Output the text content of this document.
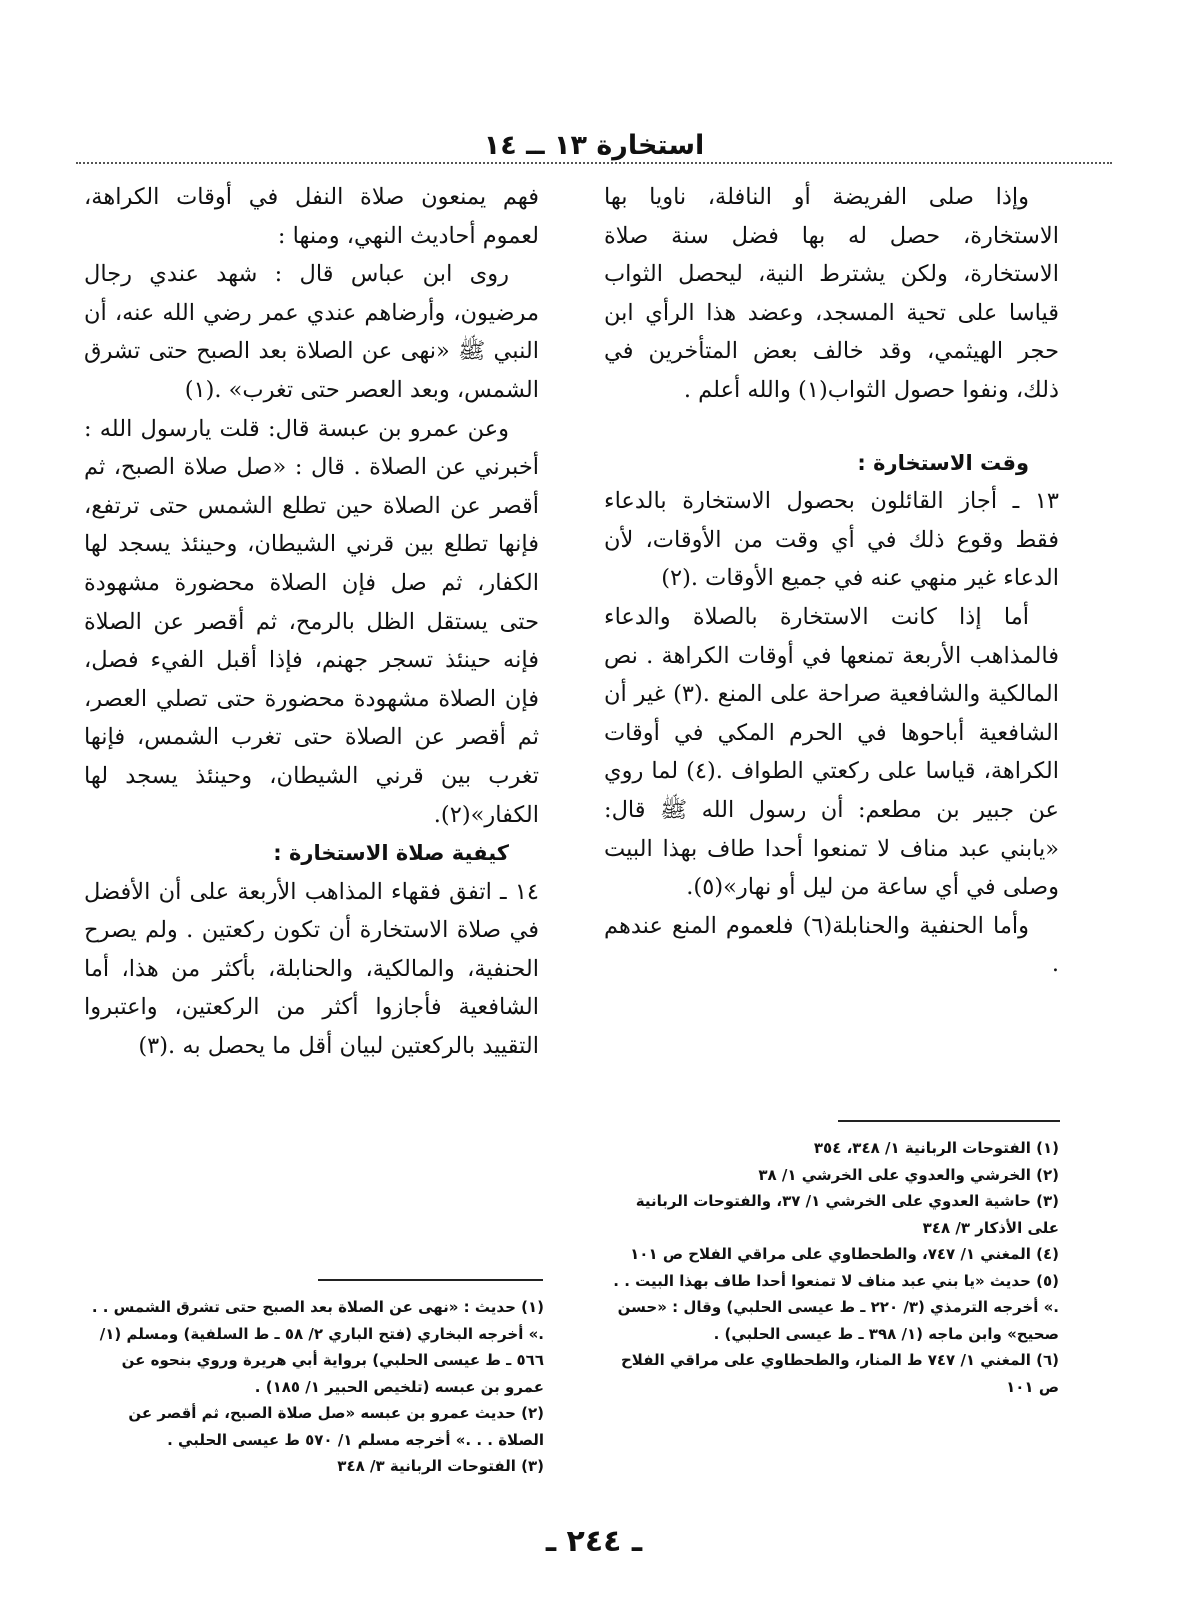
استخارة ١٣ ــ ١٤

وإذا صلى الفريضة أو النافلة، ناويا بها الاستخارة، حصل له بها فضل سنة صلاة الاستخارة، ولكن يشترط النية، ليحصل الثواب قياسا على تحية المسجد، وعضد هذا الرأي ابن حجر الهيثمي، وقد خالف بعض المتأخرين في ذلك، ونفوا حصول الثواب(١) والله أعلم .

وقت الاستخارة :

١٣ ـ أجاز القائلون بحصول الاستخارة بالدعاء فقط وقوع ذلك في أي وقت من الأوقات، لأن الدعاء غير منهي عنه في جميع الأوقات .(٢)

أما إذا كانت الاستخارة بالصلاة والدعاء فالمذاهب الأربعة تمنعها في أوقات الكراهة . نص المالكية والشافعية صراحة على المنع .(٣) غير أن الشافعية أباحوها في الحرم المكي في أوقات الكراهة، قياسا على ركعتي الطواف .(٤) لما روي عن جبير بن مطعم: أن رسول الله ﷺ قال: «يابني عبد مناف لا تمنعوا أحدا طاف بهذا البيت وصلى في أي ساعة من ليل أو نهار»(٥).

وأما الحنفية والحنابلة(٦) فلعموم المنع عندهم .

فهم يمنعون صلاة النفل في أوقات الكراهة، لعموم أحاديث النهي، ومنها :

روى ابن عباس قال : شهد عندي رجال مرضيون، وأرضاهم عندي عمر رضي الله عنه، أن النبي ﷺ «نهى عن الصلاة بعد الصبح حتى تشرق الشمس، وبعد العصر حتى تغرب» .(١)

وعن عمرو بن عبسة قال: قلت يارسول الله : أخبرني عن الصلاة . قال : «صل صلاة الصبح، ثم أقصر عن الصلاة حين تطلع الشمس حتى ترتفع، فإنها تطلع بين قرني الشيطان، وحينئذ يسجد لها الكفار، ثم صل فإن الصلاة محضورة مشهودة حتى يستقل الظل بالرمح، ثم أقصر عن الصلاة فإنه حينئذ تسجر جهنم، فإذا أقبل الفيء فصل، فإن الصلاة مشهودة محضورة حتى تصلي العصر، ثم أقصر عن الصلاة حتى تغرب الشمس، فإنها تغرب بين قرني الشيطان، وحينئذ يسجد لها الكفار»(٢).

كيفية صلاة الاستخارة :

١٤ ـ اتفق فقهاء المذاهب الأربعة على أن الأفضل في صلاة الاستخارة أن تكون ركعتين . ولم يصرح الحنفية، والمالكية، والحنابلة، بأكثر من هذا، أما الشافعية فأجازوا أكثر من الركعتين، واعتبروا التقييد بالركعتين لبيان أقل ما يحصل به .(٣)

(١) الفتوحات الربانية ١/ ٣٤٨، ٣٥٤
(٢) الخرشي والعدوي على الخرشي ١/ ٣٨
(٣) حاشية العدوي على الخرشي ١/ ٣٧، والفتوحات الربانية على الأذكار ٣/ ٣٤٨
(٤) المغني ١/ ٧٤٧، والطحطاوي على مراقي الفلاح ص ١٠١
(٥) حديث «يا بني عبد مناف لا تمنعوا أحدا طاف بهذا البيت . . .» أخرجه الترمذي (٣/ ٢٢٠ ـ ط عيسى الحلبي) وقال : «حسن صحيح» وابن ماجه (١/ ٣٩٨ ـ ط عيسى الحلبي) .
(٦) المغني ١/ ٧٤٧ ط المنار، والطحطاوي على مراقي الفلاح ص ١٠١
(١) حديث : «نهى عن الصلاة بعد الصبح حتى تشرق الشمس . . .» أخرجه البخاري (فتح الباري ٢/ ٥٨ ـ ط السلفية) ومسلم (١/ ٥٦٦ ـ ط عيسى الحلبي) برواية أبي هريرة وروي بنحوه عن عمرو بن عبسه (تلخيص الحبير ١/ ١٨٥) .
(٢) حديث عمرو بن عبسه «صل صلاة الصبح، ثم أقصر عن الصلاة . . .» أخرجه مسلم ١/ ٥٧٠ ط عيسى الحلبي .
(٣) الفتوحات الربانية ٣/ ٣٤٨
ـ ٢٤٤ ـ
